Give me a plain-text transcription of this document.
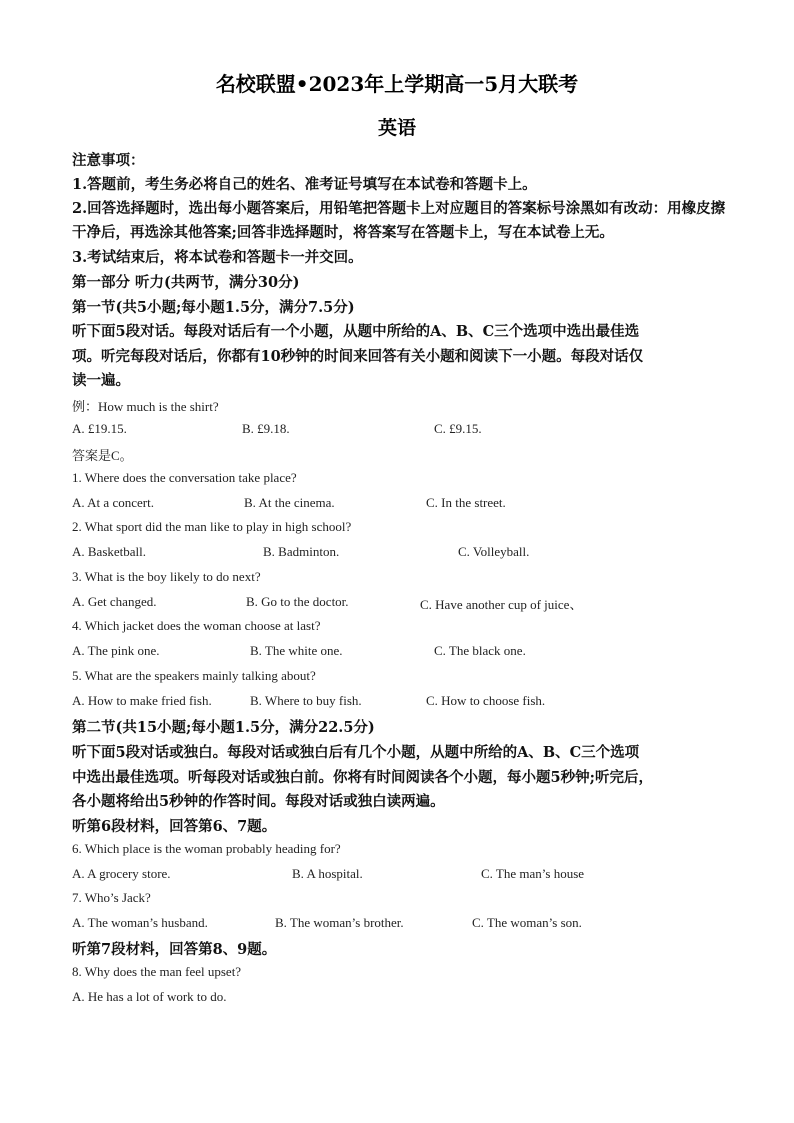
名校联盟•2023年上学期高一5月大联考
英语
注意事项：
1.答题前，考生务必将自己的姓名、准考证号填写在本试卷和答题卡上。
2.回答选择题时，选出每小题答案后，用铅笔把答题卡上对应题目的答案标号涂黑如有改动：用橡皮擦
干净后，再选涂其他答案;回答非选择题时，将答案写在答题卡上，写在本试卷上无。
3.考试结束后，将本试卷和答题卡一并交回。
第一部分 听力(共两节，满分30分)
第一节(共5小题;每小题1.5分，满分7.5分)
听下面5段对话。每段对话后有一个小题，从题中所给的A、B、C三个选项中选出最佳选
项。听完每段对话后，你都有10秒钟的时间来回答有关小题和阅读下一小题。每段对话仅
读一遍。
例：How much is the shirt?
A. £19.15.	B. £9.18.	C. £9.15.
答案是C。
1. Where does the conversation take place?
A. At a concert.	B. At the cinema.	C. In the street.
2. What sport did the man like to play in high school?
A. Basketball.	B. Badminton.	C. Volleyball.
3. What is the boy likely to do next?
A. Get changed.	B. Go to the doctor.	C. Have another cup of juice、
4. Which jacket does the woman choose at last?
A. The pink one.	B. The white one.	C. The black one.
5. What are the speakers mainly talking about?
A. How to make fried fish.	B. Where to buy fish.	C. How to choose fish.
第二节(共15小题;每小题1.5分，满分22.5分)
听下面5段对话或独白。每段对话或独白后有几个小题，从题中所给的A、B、C三个选项
中选出最佳选项。听每段对话或独白前。你将有时间阅读各个小题，每小题5秒钟;听完后，
各小题将给出5秒钟的作答时间。每段对话或独白读两遍。
听第6段材料，回答第6、7题。
6. Which place is the woman probably heading for?
A. A grocery store.	B. A hospital.	C. The man’s house
7. Who’s Jack?
A. The woman’s husband.	B. The woman’s brother.	C. The woman’s son.
听第7段材料，回答第8、9题。
8. Why does the man feel upset?
A. He has a lot of work to do.
